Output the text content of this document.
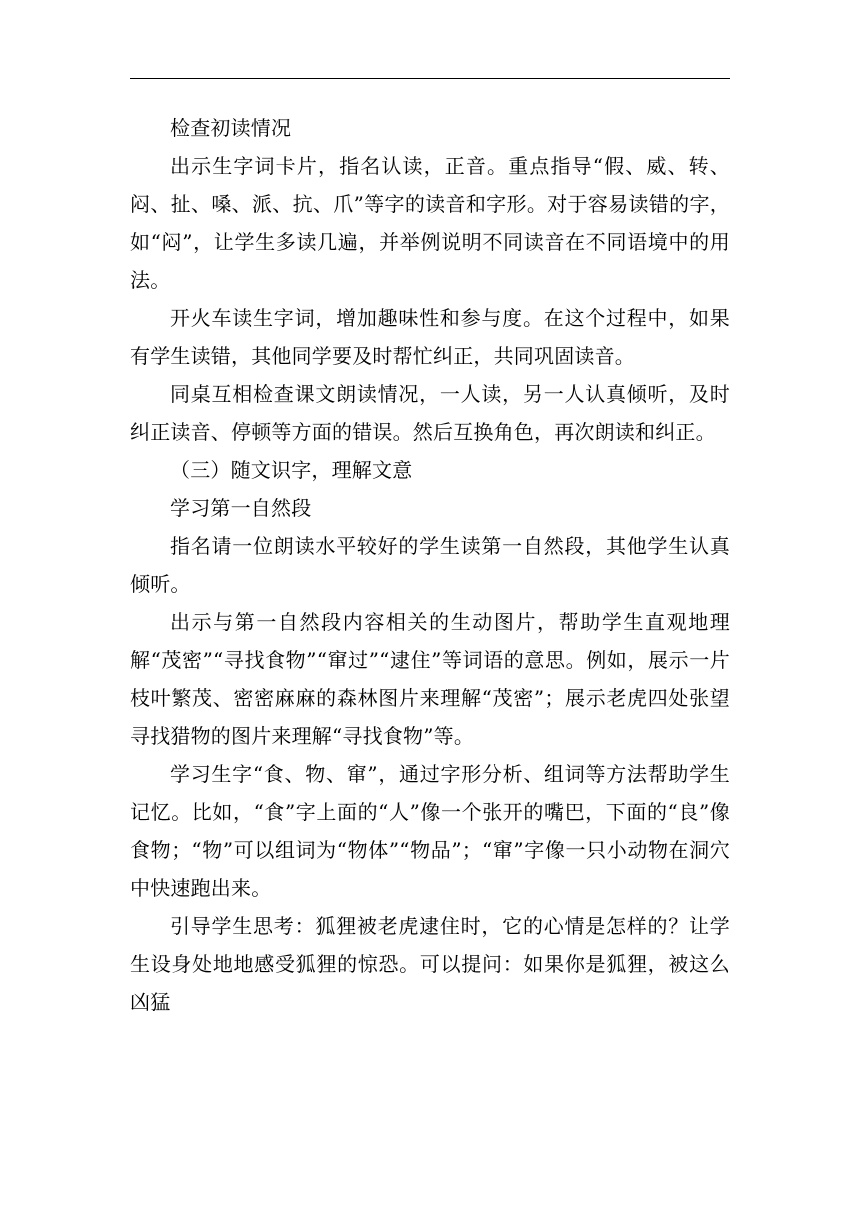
检查初读情况

出示生字词卡片，指名认读，正音。重点指导“假、威、转、闷、扯、嗓、派、抗、爪”等字的读音和字形。对于容易读错的字，如“闷”，让学生多读几遍，并举例说明不同读音在不同语境中的用法。

开火车读生字词，增加趣味性和参与度。在这个过程中，如果有学生读错，其他同学要及时帮忙纠正，共同巩固读音。

同桌互相检查课文朗读情况，一人读，另一人认真倾听，及时纠正读音、停顿等方面的错误。然后互换角色，再次朗读和纠正。

（三）随文识字，理解文意

学习第一自然段

指名请一位朗读水平较好的学生读第一自然段，其他学生认真倾听。

出示与第一自然段内容相关的生动图片，帮助学生直观地理解“茂密”“寻找食物”“窜过”“逮住”等词语的意思。例如，展示一片枝叶繁茂、密密麻麻的森林图片来理解“茂密”；展示老虎四处张望寻找猎物的图片来理解“寻找食物”等。

学习生字“食、物、窜”，通过字形分析、组词等方法帮助学生记忆。比如，“食”字上面的“人”像一个张开的嘴巴，下面的“良”像食物；“物”可以组词为“物体”“物品”；“窜”字像一只小动物在洞穴中快速跑出来。

引导学生思考：狐狸被老虎逮住时，它的心情是怎样的？让学生设身处地地感受狐狸的惊恐。可以提问：如果你是狐狸，被这么凶猛
